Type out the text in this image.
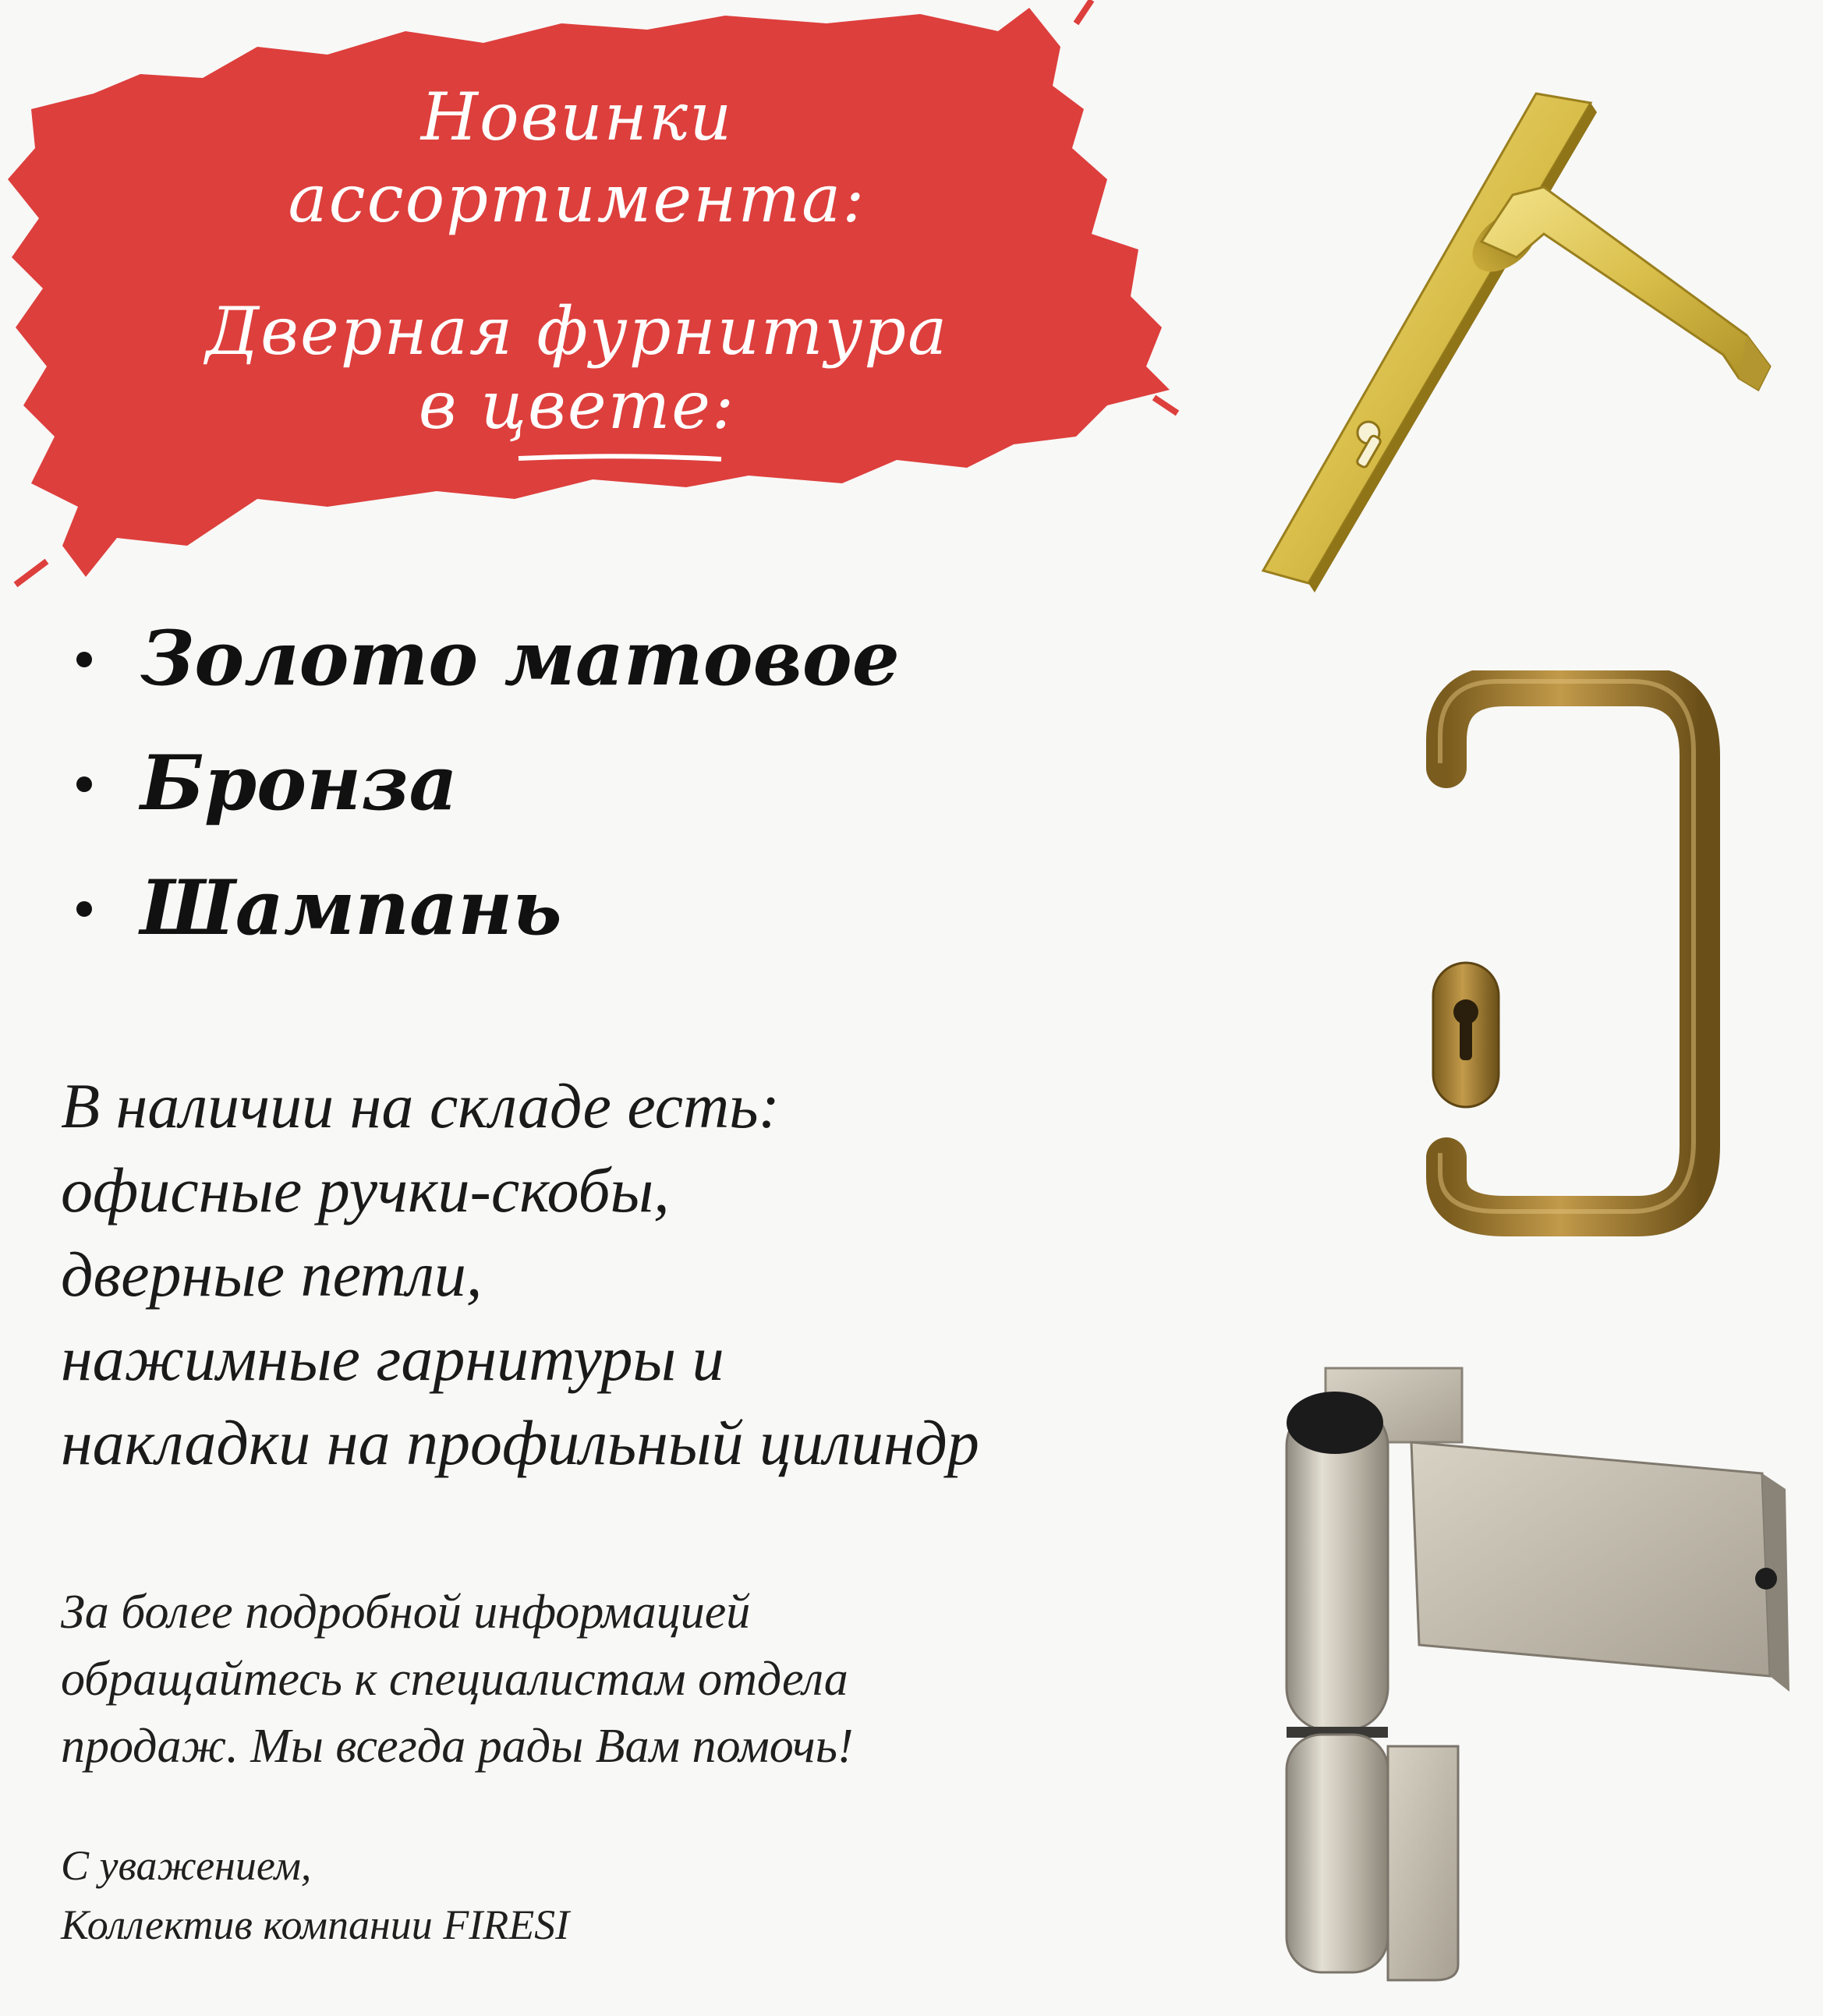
Новинки
ассортимента:
Дверная фурнитура
в цвете:
Золото матовое
Бронза
Шампань
В наличии на складе есть:
офисные ручки-скобы,
дверные петли,
нажимные гарнитуры и
накладки на профильный цилиндр
За более подробной информацией
обращайтесь к специалистам отдела
продаж. Мы всегда рады Вам помочь!
С уважением,
Коллектив компании FIRESI
